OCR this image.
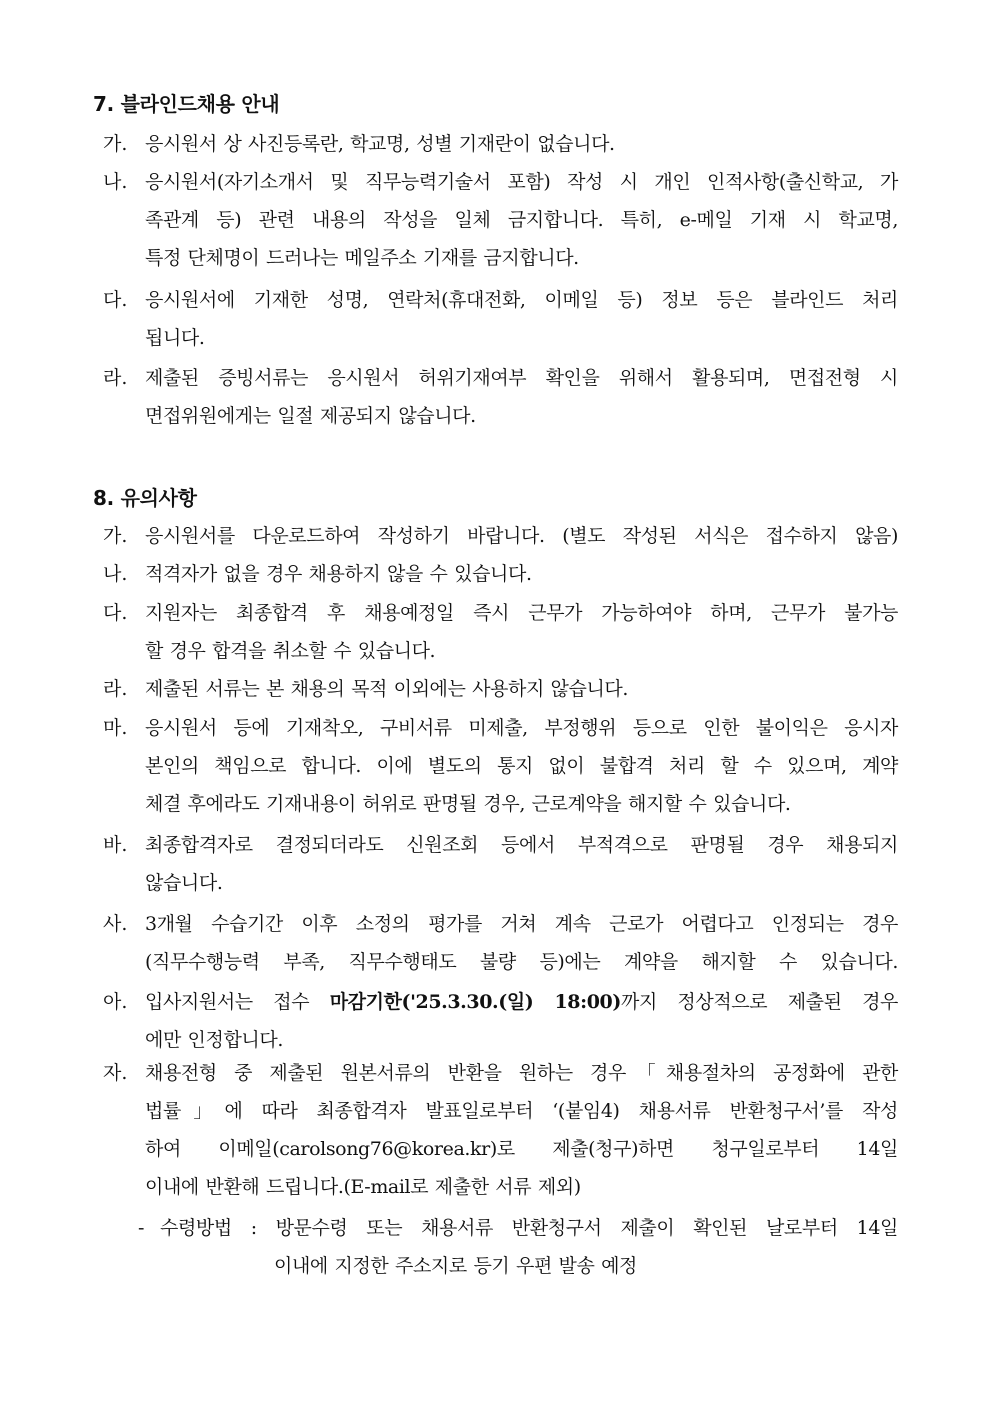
7. 블라인드채용 안내
가. 응시원서 상 사진등록란, 학교명, 성별 기재란이 없습니다.
나. 응시원서(자기소개서 및 직무능력기술서 포함) 작성 시 개인 인적사항(출신학교, 가
족관계 등) 관련 내용의 작성을 일체 금지합니다. 특히, e-메일 기재 시 학교명,
특정 단체명이 드러나는 메일주소 기재를 금지합니다.
다. 응시원서에 기재한 성명, 연락처(휴대전화, 이메일 등) 정보 등은 블라인드 처리
됩니다.
라. 제출된 증빙서류는 응시원서 허위기재여부 확인을 위해서 활용되며, 면접전형 시
면접위원에게는 일절 제공되지 않습니다.
8. 유의사항
가. 응시원서를 다운로드하여 작성하기 바랍니다. (별도 작성된 서식은 접수하지 않음)
나. 적격자가 없을 경우 채용하지 않을 수 있습니다.
다. 지원자는 최종합격 후 채용예정일 즉시 근무가 가능하여야 하며, 근무가 불가능
할 경우 합격을 취소할 수 있습니다.
라. 제출된 서류는 본 채용의 목적 이외에는 사용하지 않습니다.
마. 응시원서 등에 기재착오, 구비서류 미제출, 부정행위 등으로 인한 불이익은 응시자
본인의 책임으로 합니다. 이에 별도의 통지 없이 불합격 처리 할 수 있으며, 계약
체결 후에라도 기재내용이 허위로 판명될 경우, 근로계약을 해지할 수 있습니다.
바. 최종합격자로 결정되더라도 신원조회 등에서 부적격으로 판명될 경우 채용되지
않습니다.
사. 3개월 수습기간 이후 소정의 평가를 거쳐 계속 근로가 어렵다고 인정되는 경우
(직무수행능력 부족, 직무수행태도 불량 등)에는 계약을 해지할 수 있습니다.
아. 입사지원서는 접수 마감기한('25.3.30.(일) 18:00)까지 정상적으로 제출된 경우
에만 인정합니다.
자. 채용전형 중 제출된 원본서류의 반환을 원하는 경우「채용절차의 공정화에 관한
법률」에 따라 최종합격자 발표일로부터 ‘(붙임4) 채용서류 반환청구서’를 작성
하여 이메일(carolsong76@korea.kr)로 제출(청구)하면 청구일로부터 14일
이내에 반환해 드립니다.(E-mail로 제출한 서류 제외)
- 수령방법 : 방문수령 또는 채용서류 반환청구서 제출이 확인된 날로부터 14일
이내에 지정한 주소지로 등기 우편 발송 예정
